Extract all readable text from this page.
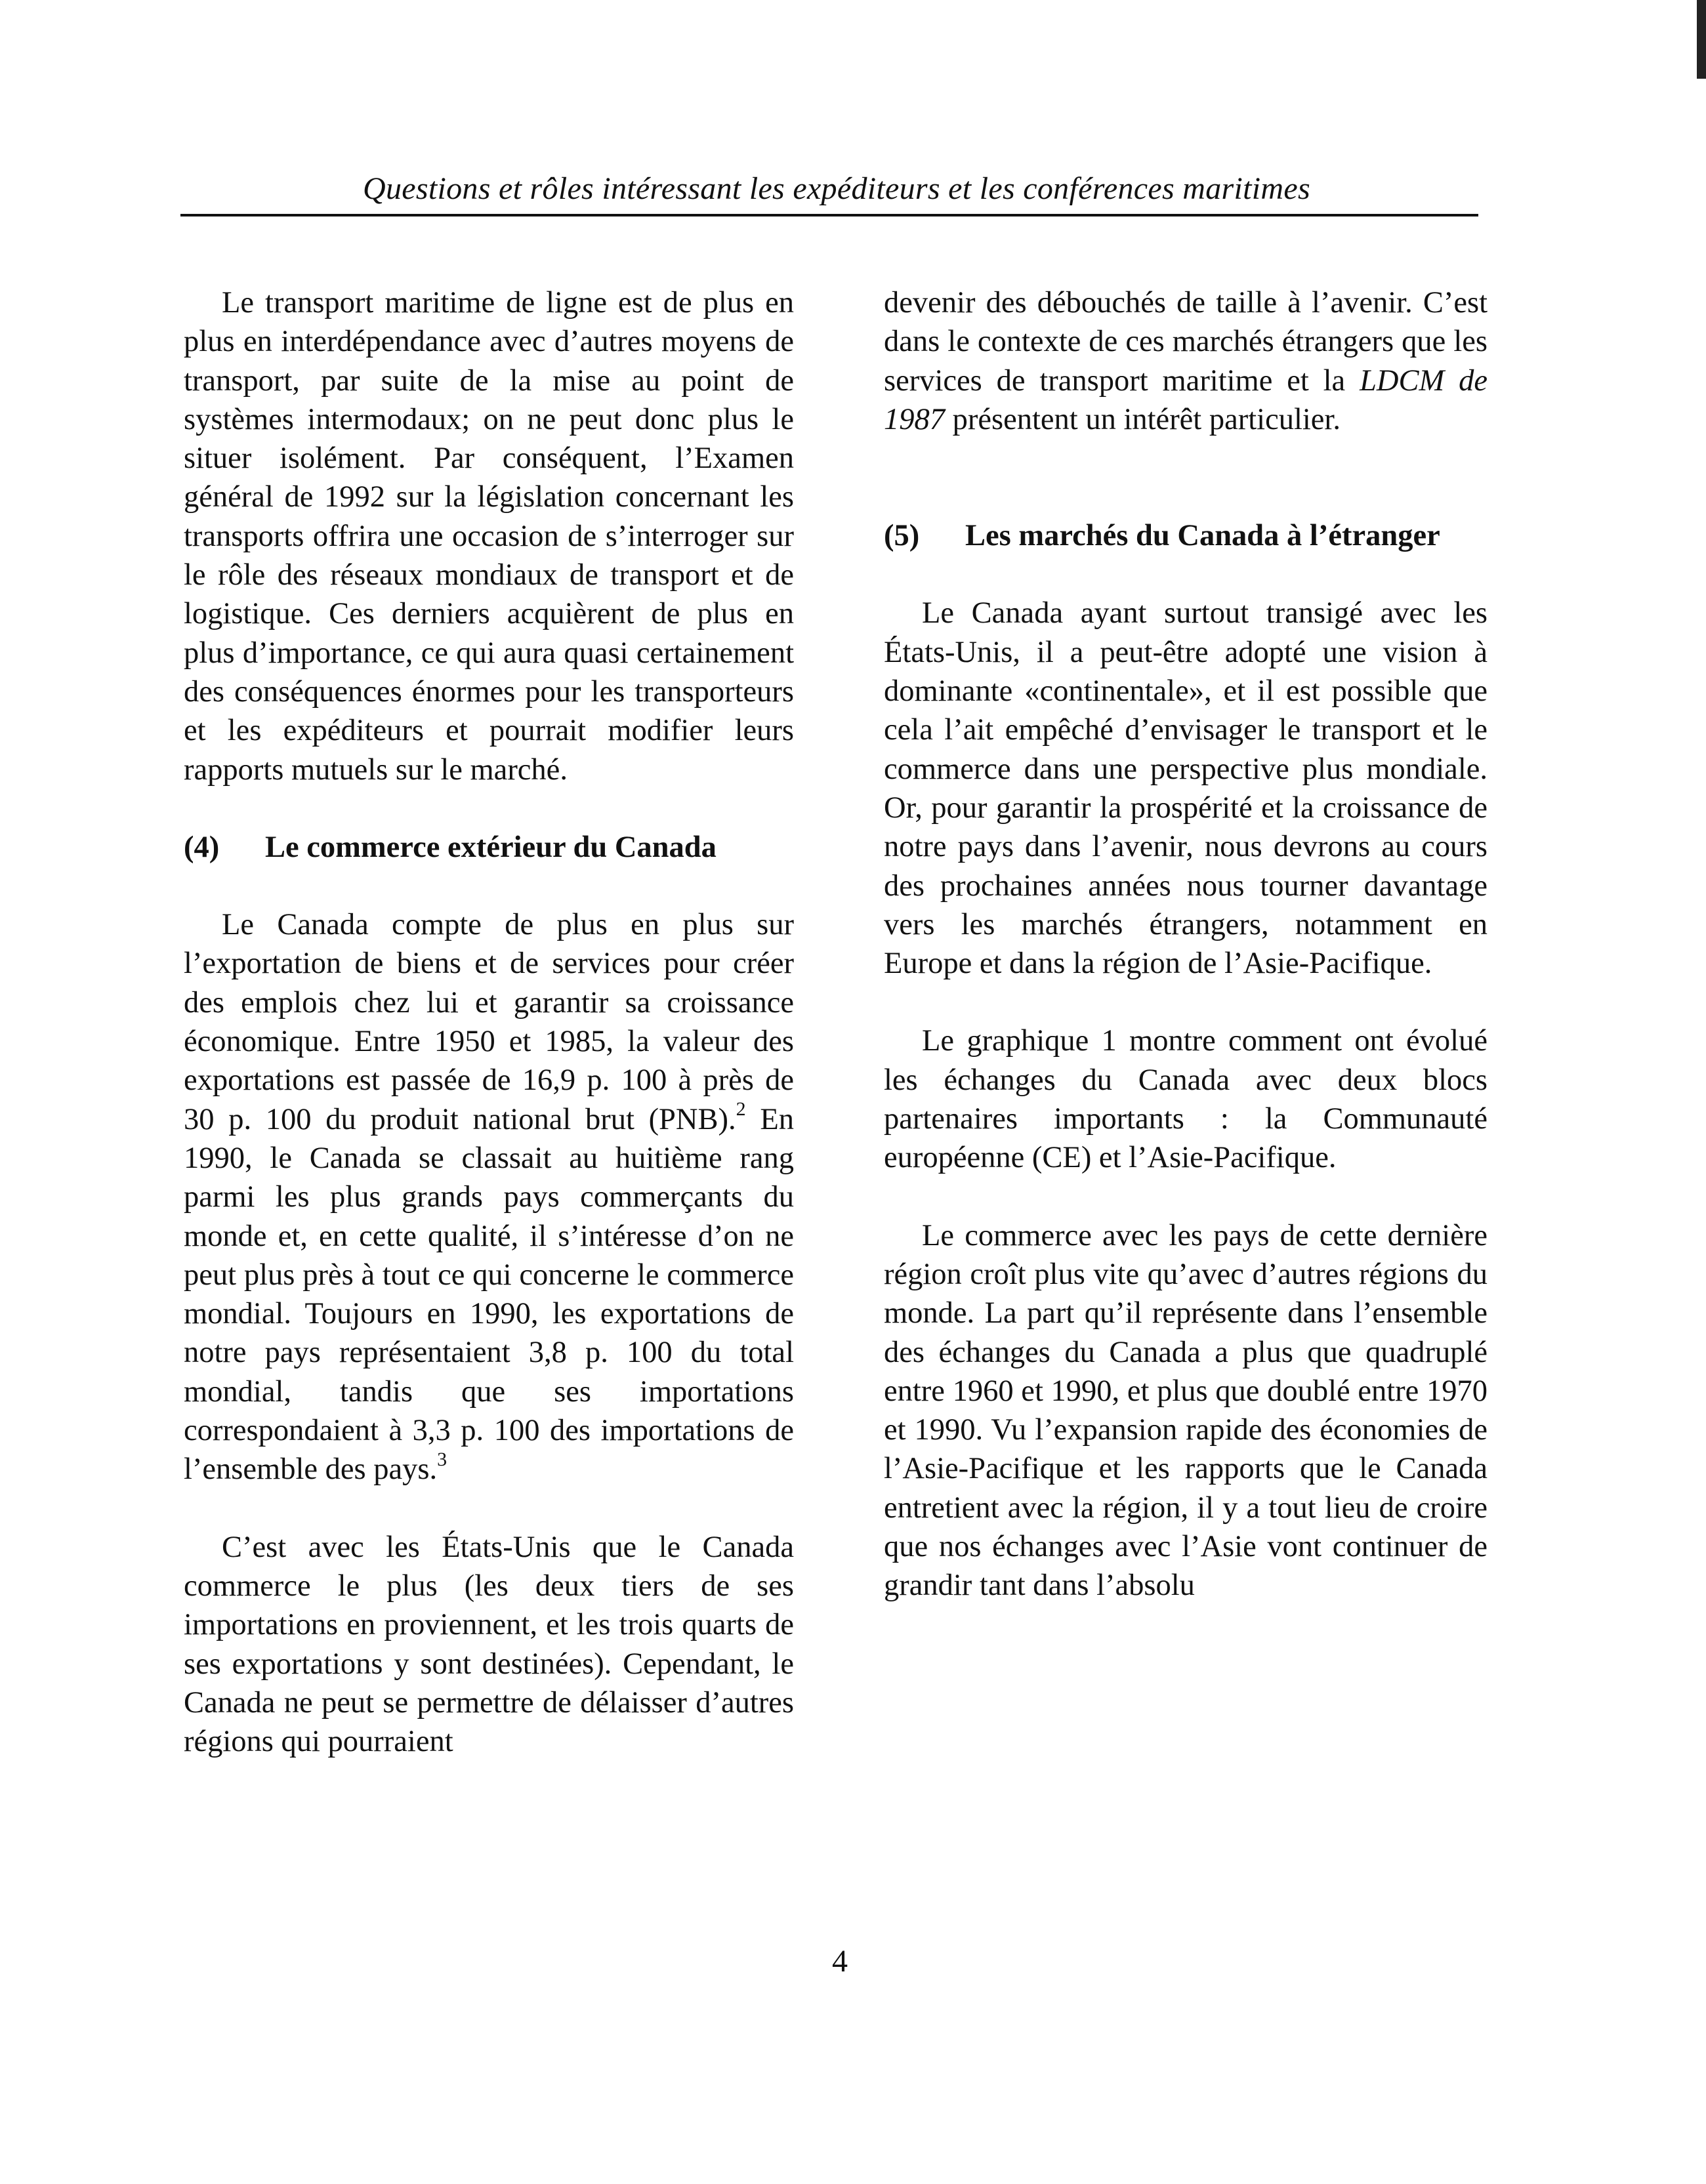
Questions et rôles intéressant les expéditeurs et les conférences maritimes

Le transport maritime de ligne est de plus en plus en interdépendance avec d’autres moyens de transport, par suite de la mise au point de systèmes intermodaux; on ne peut donc plus le situer isolément. Par conséquent, l’Examen général de 1992 sur la législation concernant les transports offrira une occasion de s’interroger sur le rôle des réseaux mondiaux de transport et de logistique. Ces derniers acquièrent de plus en plus d’importance, ce qui aura quasi certainement des conséquences énormes pour les transporteurs et les expéditeurs et pourrait modifier leurs rapports mutuels sur le marché.

(4)	Le commerce extérieur du Canada

Le Canada compte de plus en plus sur l’exportation de biens et de services pour créer des emplois chez lui et garantir sa croissance économique. Entre 1950 et 1985, la valeur des exportations est passée de 16,9 p. 100 à près de 30 p. 100 du produit national brut (PNB).$^2$ En 1990, le Canada se classait au huitième rang parmi les plus grands pays commerçants du monde et, en cette qualité, il s’intéresse d’on ne peut plus près à tout ce qui concerne le commerce mondial. Toujours en 1990, les exportations de notre pays représentaient 3,8 p. 100 du total mondial, tandis que ses importations correspondaient à 3,3 p. 100 des importations de l’ensemble des pays.$^3$

C’est avec les États-Unis que le Canada commerce le plus (les deux tiers de ses importations en proviennent, et les trois quarts de ses exportations y sont destinées). Cependant, le Canada ne peut se permettre de délaisser d’autres régions qui pourraient

devenir des débouchés de taille à l’avenir. C’est dans le contexte de ces marchés étrangers que les services de transport maritime et la LDCM de 1987 présentent un intérêt particulier.

(5)	Les marchés du Canada à l’étranger

Le Canada ayant surtout transigé avec les États-Unis, il a peut-être adopté une vision à dominante «continentale», et il est possible que cela l’ait empêché d’envisager le transport et le commerce dans une perspective plus mondiale. Or, pour garantir la prospérité et la croissance de notre pays dans l’avenir, nous devrons au cours des prochaines années nous tourner davantage vers les marchés étrangers, notamment en Europe et dans la région de l’Asie-Pacifique.

Le graphique 1 montre comment ont évolué les échanges du Canada avec deux blocs partenaires importants : la Communauté européenne (CE) et l’Asie-Pacifique.

Le commerce avec les pays de cette dernière région croît plus vite qu’avec d’autres régions du monde. La part qu’il représente dans l’ensemble des échanges du Canada a plus que quadruplé entre 1960 et 1990, et plus que doublé entre 1970 et 1990. Vu l’expansion rapide des économies de l’Asie-Pacifique et les rapports que le Canada entretient avec la région, il y a tout lieu de croire que nos échanges avec l’Asie vont continuer de grandir tant dans l’absolu

4
